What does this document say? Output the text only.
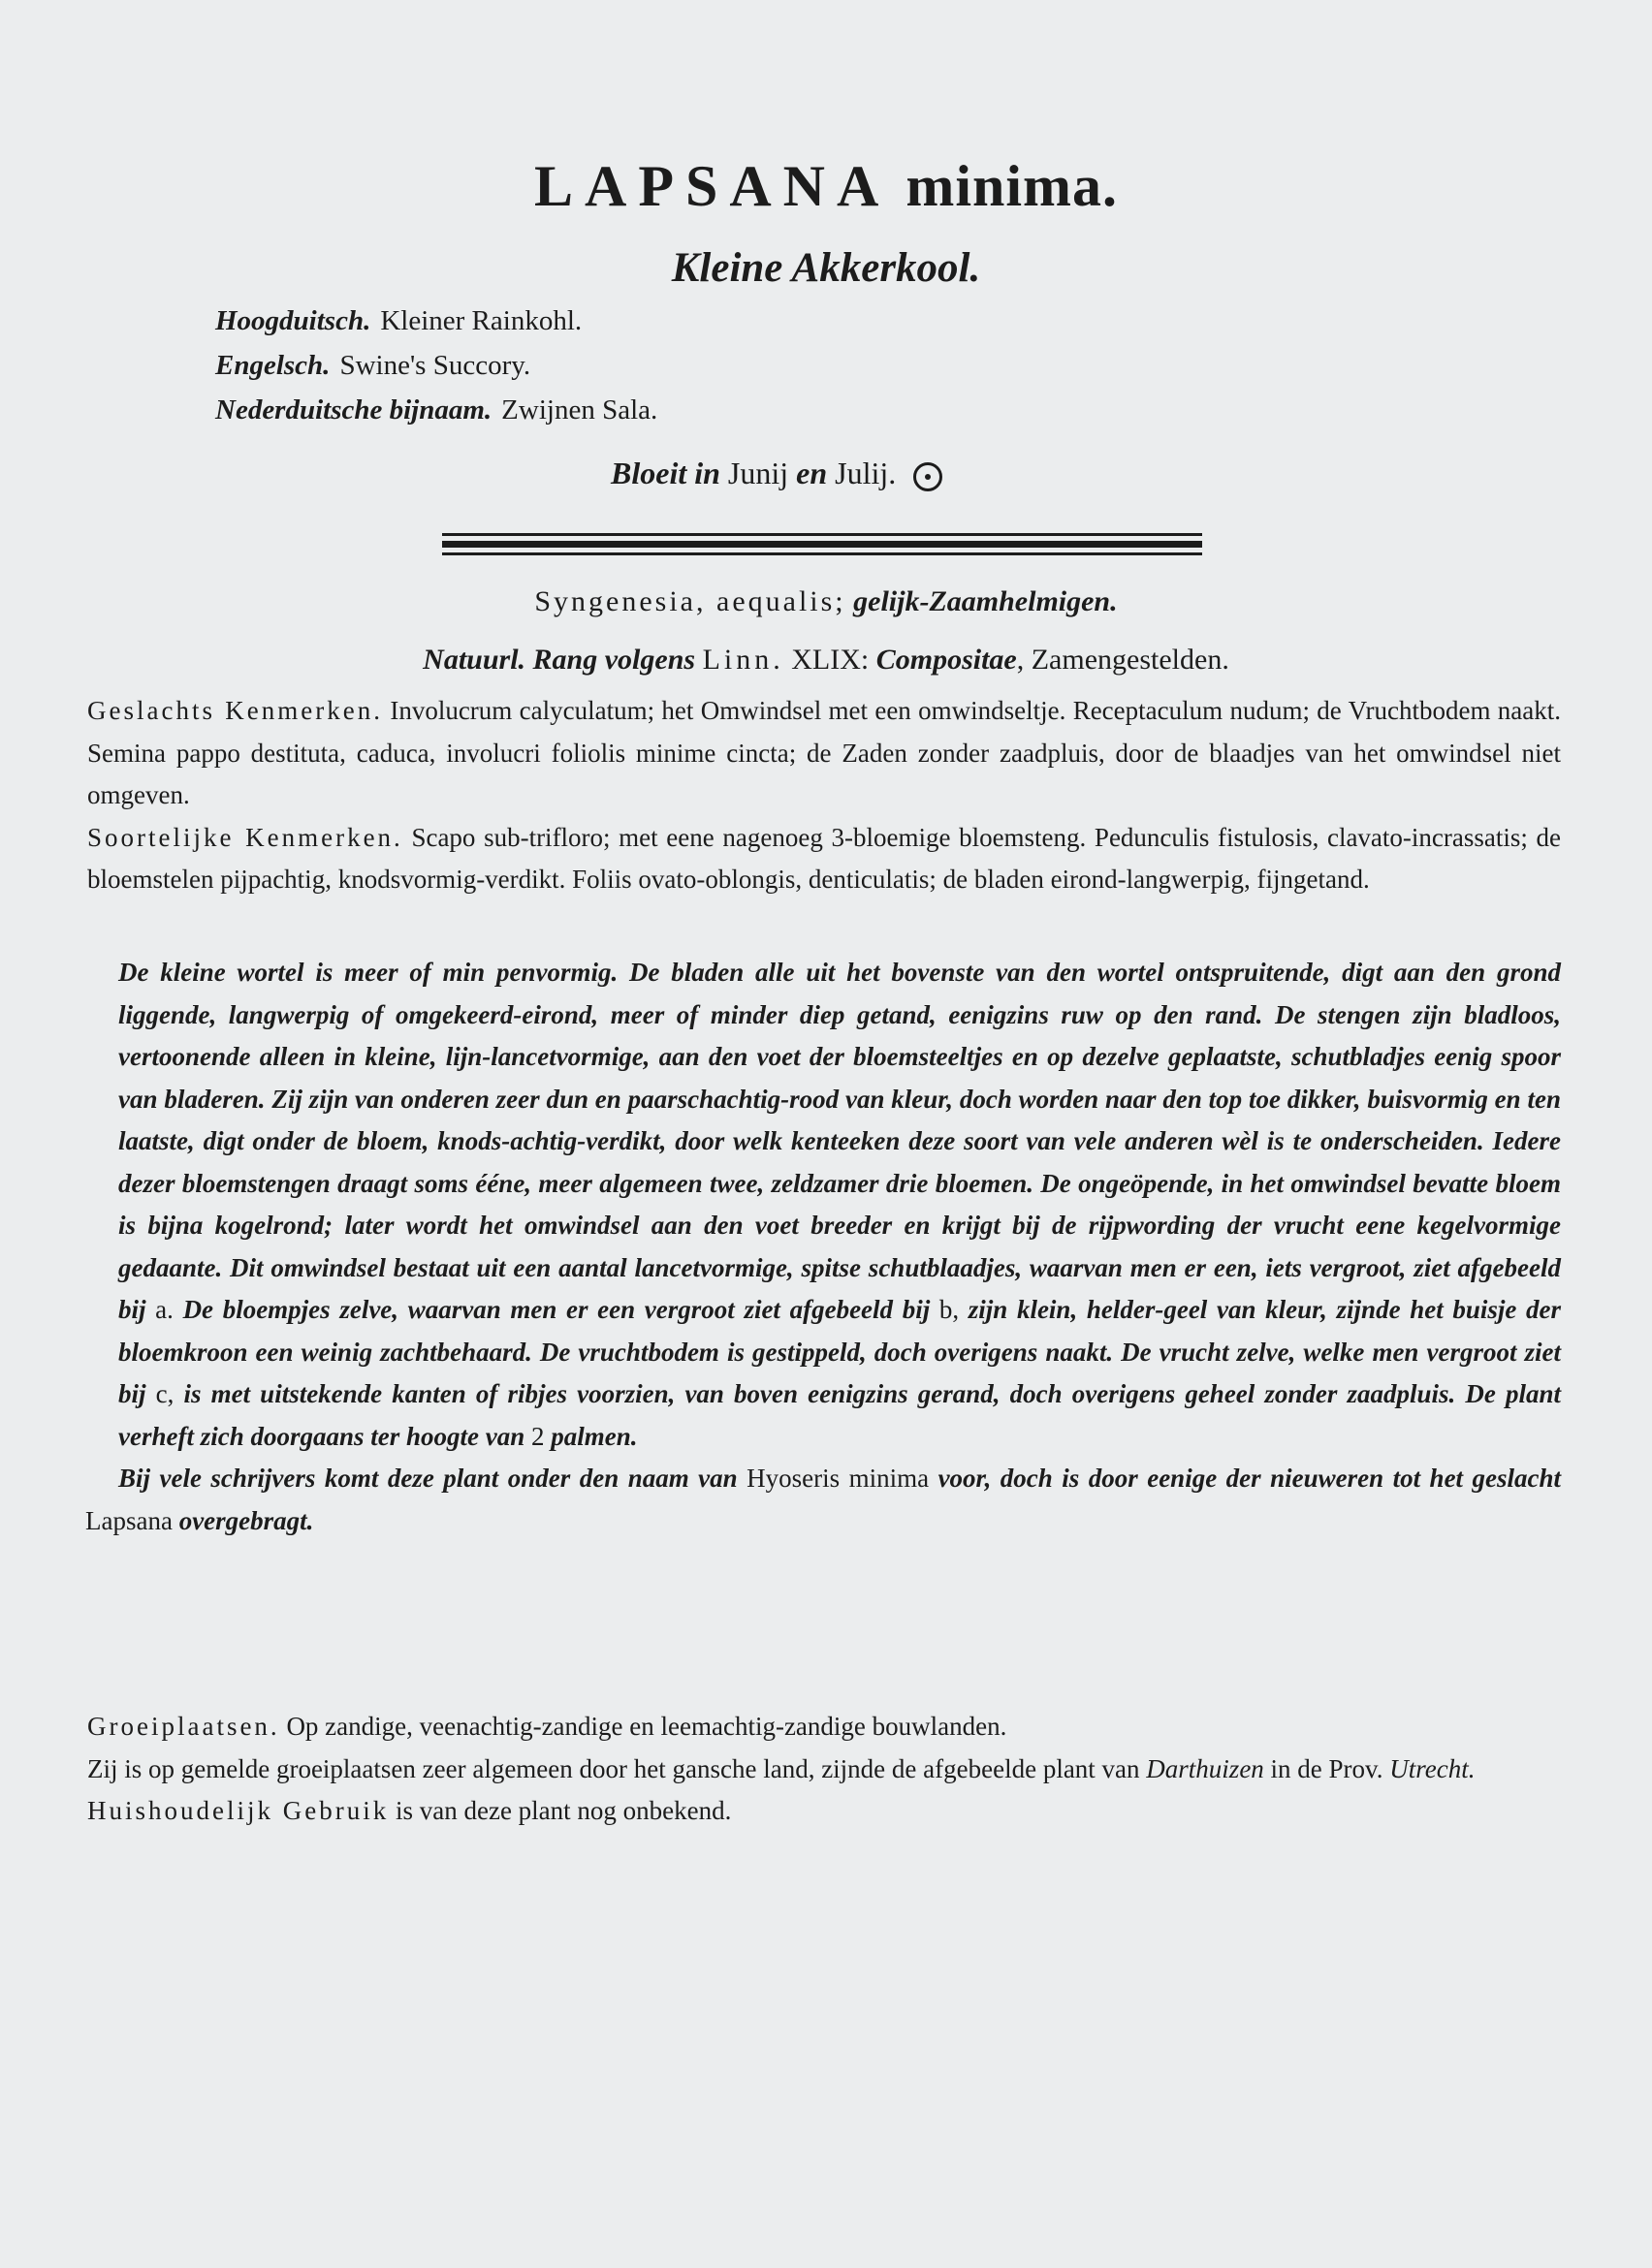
LAPSANA minima.
Kleine Akkerkool.
Hoogduitsch. Kleiner Rainkohl.
Engelsch. Swine's Succory.
Nederduitsche bijnaam. Zwijnen Sala.
Bloeit in Junij en Julij.
Syngenesia, aequalis; gelijk-Zaamhelmigen.
Natuurl. Rang volgens Linn. XLIX: Compositae, Zamengestelden.

Geslachts Kenmerken. Involucrum calyculatum; het Omwindsel met een omwindseltje. Receptaculum nudum; de Vruchtbodem naakt. Semina pappo destituta, caduca, involucri foliolis minime cincta; de Zaden zonder zaadpluis, door de blaadjes van het omwindsel niet omgeven.

Soortelijke Kenmerken. Scapo sub-trifloro; met eene nagenoeg 3-bloemige bloemsteng. Pedunculis fistulosis, clavato-incrassatis; de bloemstelen pijpachtig, knodsvormig-verdikt. Foliis ovato-oblongis, denticulatis; de bladen eirond-langwerpig, fijngetand.

De kleine wortel is meer of min penvormig. De bladen alle uit het bovenste van den wortel ontspruitende, digt aan den grond liggende, langwerpig of omgekeerd-eirond, meer of minder diep getand, eenigzins ruw op den rand. De stengen zijn bladloos, vertoonende alleen in kleine, lijn-lancetvormige, aan den voet der bloemsteeltjes en op dezelve geplaatste, schutbladjes eenig spoor van bladeren. Zij zijn van onderen zeer dun en paarschachtig-rood van kleur, doch worden naar den top toe dikker, buisvormig en ten laatste, digt onder de bloem, knods-achtig-verdikt, door welk kenteeken deze soort van vele anderen wèl is te onderscheiden. Iedere dezer bloemstengen draagt soms ééne, meer algemeen twee, zeldzamer drie bloemen. De ongeöpende, in het omwindsel bevatte bloem is bijna kogelrond; later wordt het omwindsel aan den voet breeder en krijgt bij de rijpwording der vrucht eene kegelvormige gedaante. Dit omwindsel bestaat uit een aantal lancetvormige, spitse schutblaadjes, waarvan men er een, iets vergroot, ziet afgebeeld bij a. De bloempjes zelve, waarvan men er een vergroot ziet afgebeeld bij b, zijn klein, helder-geel van kleur, zijnde het buisje der bloemkroon een weinig zachtbehaard. De vruchtbodem is gestippeld, doch overigens naakt. De vrucht zelve, welke men vergroot ziet bij c, is met uitstekende kanten of ribjes voorzien, van boven eenigzins gerand, doch overigens geheel zonder zaadpluis. De plant verheft zich doorgaans ter hoogte van 2 palmen.

Bij vele schrijvers komt deze plant onder den naam van Hyoseris minima voor, doch is door eenige der nieuweren tot het geslacht Lapsana overgebragt.

Groeiplaatsen. Op zandige, veenachtig-zandige en leemachtig-zandige bouwlanden.

Zij is op gemelde groeiplaatsen zeer algemeen door het gansche land, zijnde de afgebeelde plant van Darthuizen in de Prov. Utrecht.

Huishoudelijk Gebruik is van deze plant nog onbekend.
